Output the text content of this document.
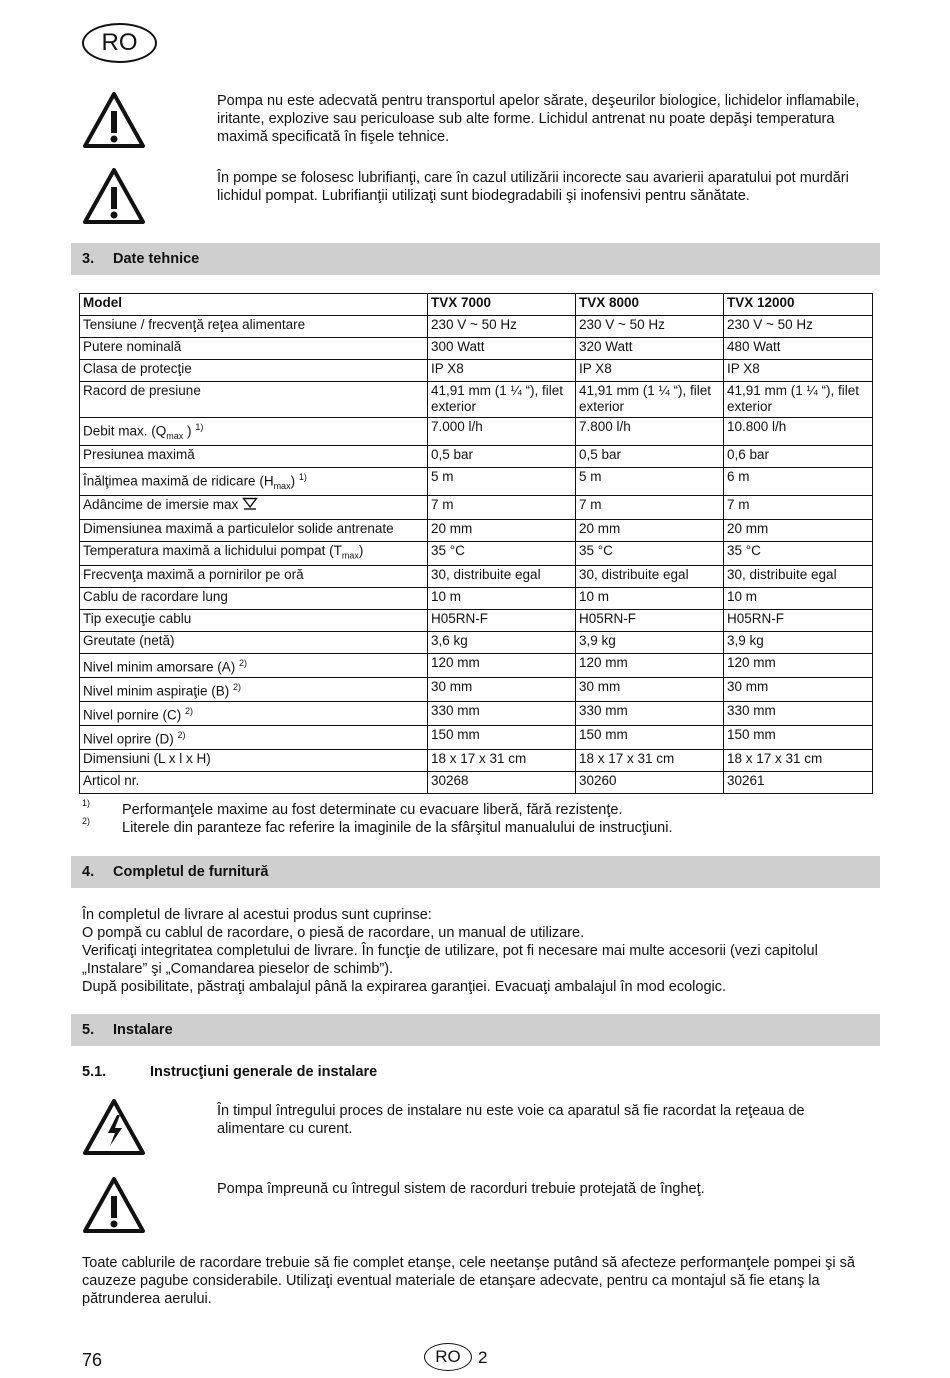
RO
Pompa nu este adecvată pentru transportul apelor sărate, deşeurilor biologice, lichidelor inflamabile, iritante, explozive sau periculoase sub alte forme. Lichidul antrenat nu poate depăşi temperatura maximă specificată în fişele tehnice.
În pompe se folosesc lubrifianţi, care în cazul utilizării incorecte sau avarierii aparatului pot murdări lichidul pompat. Lubrifianţii utilizaţi sunt biodegradabili şi inofensivi pentru sănătate.
3.	Date tehnice
Model	TVX 7000	TVX 8000	TVX 12000
Tensiune / frecvenţă reţea alimentare	230 V ~ 50 Hz	230 V ~ 50 Hz	230 V ~ 50 Hz
Putere nominală	300 Watt	320 Watt	480 Watt
Clasa de protecţie	IP X8	IP X8	IP X8
Racord de presiune	41,91 mm (1 ¼ “), filet exterior	41,91 mm (1 ¼ “), filet exterior	41,91 mm (1 ¼ “), filet exterior
Debit max. ($Q_{max}$ ) $^{1)}$	7.000 l/h	7.800 l/h	10.800 l/h
Presiunea maximă	0,5 bar	0,5 bar	0,6 bar
Înălţimea maximă de ridicare $(H_{max})$ $^{1)}$	5 m	5 m	6 m
Adâncime de imersie max	7 m	7 m	7 m
Dimensiunea maximă a particulelor solide antrenate	20 mm	20 mm	20 mm
Temperatura maximă a lichidului pompat $(T_{max})$	35 °C	35 °C	35 °C
Frecvenţa maximă a pornirilor pe oră	30, distribuite egal	30, distribuite egal	30, distribuite egal
Cablu de racordare lung	10 m	10 m	10 m
Tip execuţie cablu	H05RN-F	H05RN-F	H05RN-F
Greutate (netă)	3,6 kg	3,9 kg	3,9 kg
Nivel minim amorsare (A) $^{2)}$	120 mm	120 mm	120 mm
Nivel minim aspiraţie (B) $^{2)}$	30 mm	30 mm	30 mm
Nivel pornire (C) $^{2)}$	330 mm	330 mm	330 mm
Nivel oprire (D) $^{2)}$	150 mm	150 mm	150 mm
Dimensiuni (L x l x H)	18 x 17 x 31 cm	18 x 17 x 31 cm	18 x 17 x 31 cm
Articol nr.	30268	30260	30261
1) Performanţele maxime au fost determinate cu evacuare liberă, fără rezistenţe.
2) Literele din paranteze fac referire la imaginile de la sfârşitul manualului de instrucţiuni.
4.	Completul de furnitură
În completul de livrare al acestui produs sunt cuprinse:
O pompă cu cablul de racordare, o piesă de racordare, un manual de utilizare.
Verificaţi integritatea completului de livrare. În funcţie de utilizare, pot fi necesare mai multe accesorii (vezi capitolul „Instalare” şi „Comandarea pieselor de schimb”).
După posibilitate, păstraţi ambalajul până la expirarea garanţiei. Evacuaţi ambalajul în mod ecologic.
5.	Instalare
5.1.	Instrucţiuni generale de instalare
În timpul întregului proces de instalare nu este voie ca aparatul să fie racordat la reţeaua de alimentare cu curent.
Pompa împreună cu întregul sistem de racorduri trebuie protejată de îngheţ.
Toate cablurile de racordare trebuie să fie complet etanşe, cele neetanşe putând să afecteze performanţele pompei şi să cauzeze pagube considerabile. Utilizaţi eventual materiale de etanşare adecvate, pentru ca montajul să fie etanş la pătrunderea aerului.
76	RO 2
